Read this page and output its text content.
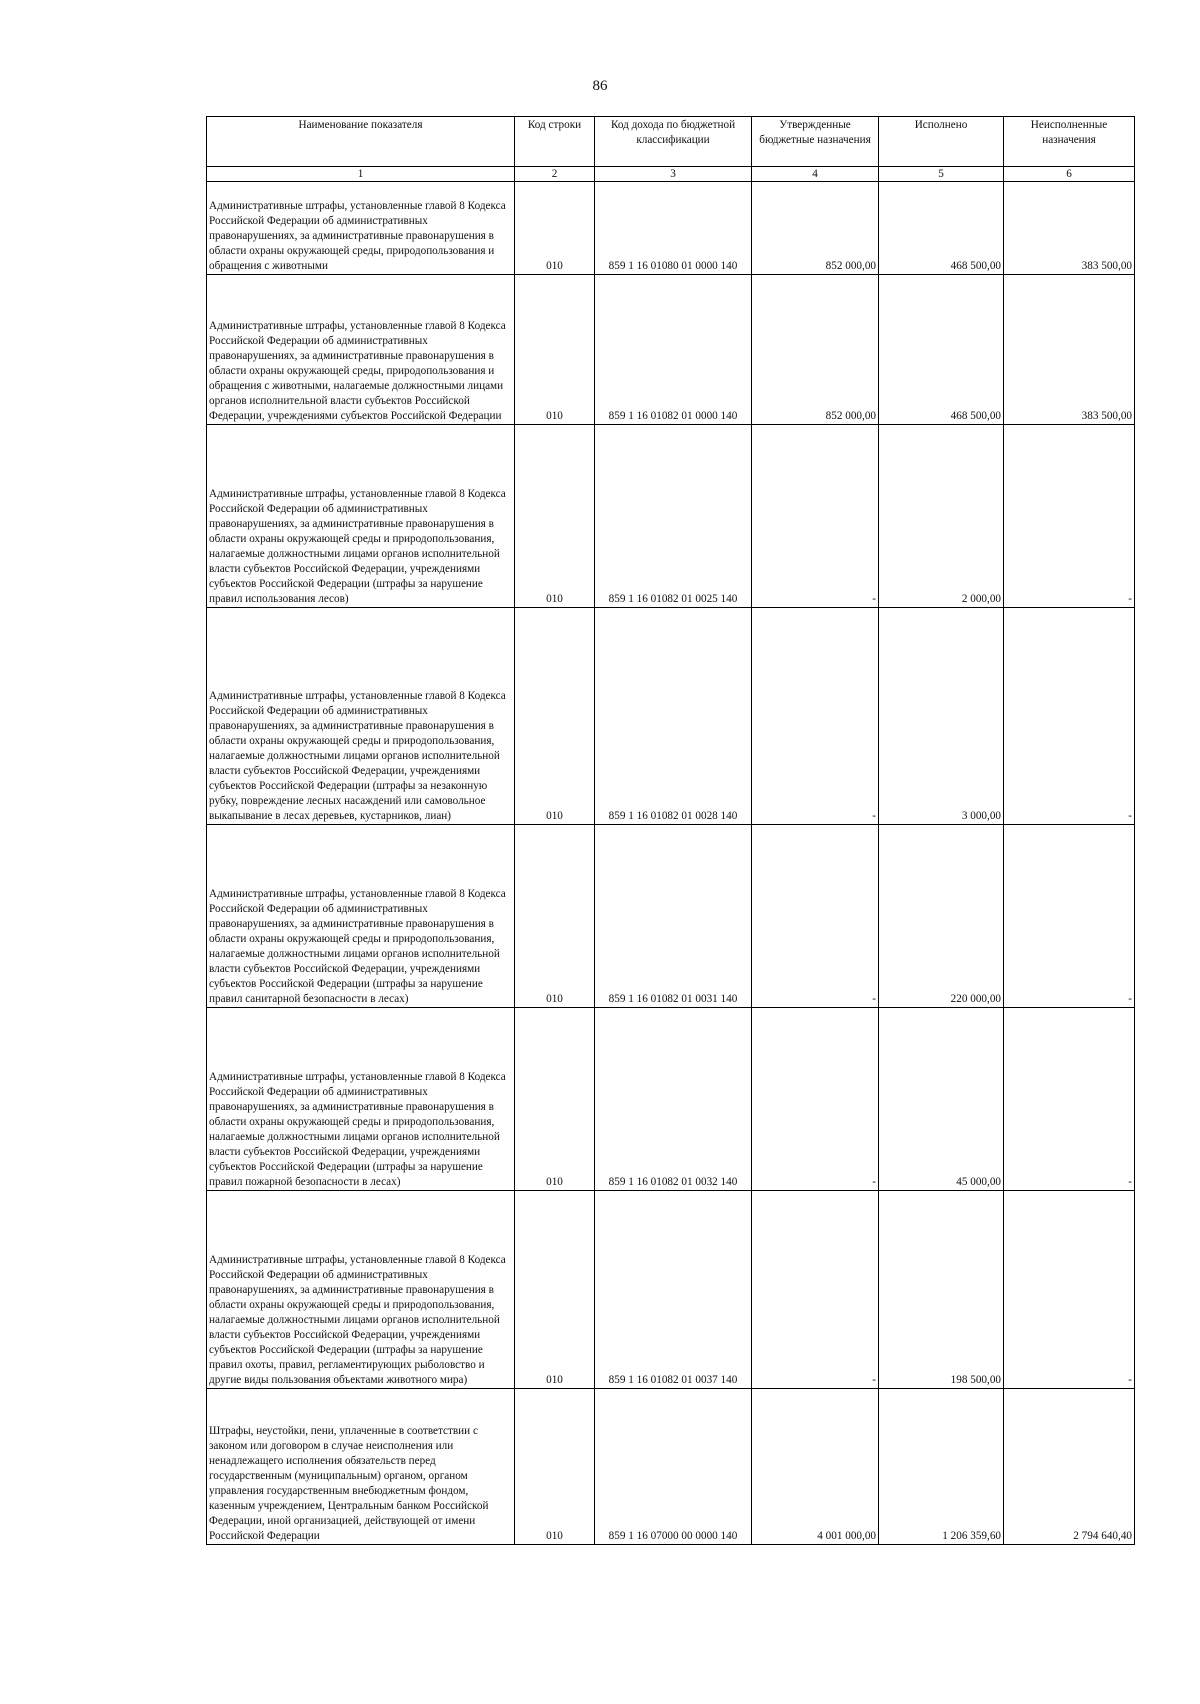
86
Наименование показателя	Код строки	Код дохода по бюджетной классификации	Утвержденные бюджетные назначения	Исполнено	Неисполненные назначения
1	2	3	4	5	6
Административные штрафы, установленные главой 8 Кодекса Российской Федерации об административных правонарушениях, за административные правонарушения в области охраны окружающей среды, природопользования и обращения с животными	010	859 1 16 01080 01 0000 140	852 000,00	468 500,00	383 500,00
Административные штрафы, установленные главой 8 Кодекса Российской Федерации об административных правонарушениях, за административные правонарушения в области охраны окружающей среды, природопользования и обращения с животными, налагаемые должностными лицами органов исполнительной власти субъектов Российской Федерации, учреждениями субъектов Российской Федерации	010	859 1 16 01082 01 0000 140	852 000,00	468 500,00	383 500,00
Административные штрафы, установленные главой 8 Кодекса Российской Федерации об административных правонарушениях, за административные правонарушения в области охраны окружающей среды и природопользования, налагаемые должностными лицами органов исполнительной власти субъектов Российской Федерации, учреждениями субъектов Российской Федерации (штрафы за нарушение правил использования лесов)	010	859 1 16 01082 01 0025 140	-	2 000,00	-
Административные штрафы, установленные главой 8 Кодекса Российской Федерации об административных правонарушениях, за административные правонарушения в области охраны окружающей среды и природопользования, налагаемые должностными лицами органов исполнительной власти субъектов Российской Федерации, учреждениями субъектов Российской Федерации (штрафы за незаконную рубку, повреждение лесных насаждений или самовольное выкапывание в лесах деревьев, кустарников, лиан)	010	859 1 16 01082 01 0028 140	-	3 000,00	-
Административные штрафы, установленные главой 8 Кодекса Российской Федерации об административных правонарушениях, за административные правонарушения в области охраны окружающей среды и природопользования, налагаемые должностными лицами органов исполнительной власти субъектов Российской Федерации, учреждениями субъектов Российской Федерации (штрафы за нарушение правил санитарной безопасности в лесах)	010	859 1 16 01082 01 0031 140	-	220 000,00	-
Административные штрафы, установленные главой 8 Кодекса Российской Федерации об административных правонарушениях, за административные правонарушения в области охраны окружающей среды и природопользования, налагаемые должностными лицами органов исполнительной власти субъектов Российской Федерации, учреждениями субъектов Российской Федерации (штрафы за нарушение правил пожарной безопасности в лесах)	010	859 1 16 01082 01 0032 140	-	45 000,00	-
Административные штрафы, установленные главой 8 Кодекса Российской Федерации об административных правонарушениях, за административные правонарушения в области охраны окружающей среды и природопользования, налагаемые должностными лицами органов исполнительной власти субъектов Российской Федерации, учреждениями субъектов Российской Федерации (штрафы за нарушение правил охоты, правил, регламентирующих рыболовство и другие виды пользования объектами животного мира)	010	859 1 16 01082 01 0037 140	-	198 500,00	-
Штрафы, неустойки, пени, уплаченные в соответствии с законом или договором в случае неисполнения или ненадлежащего исполнения обязательств перед государственным (муниципальным) органом, органом управления государственным внебюджетным фондом, казенным учреждением, Центральным банком Российской Федерации, иной организацией, действующей от имени Российской Федерации	010	859 1 16 07000 00 0000 140	4 001 000,00	1 206 359,60	2 794 640,40
